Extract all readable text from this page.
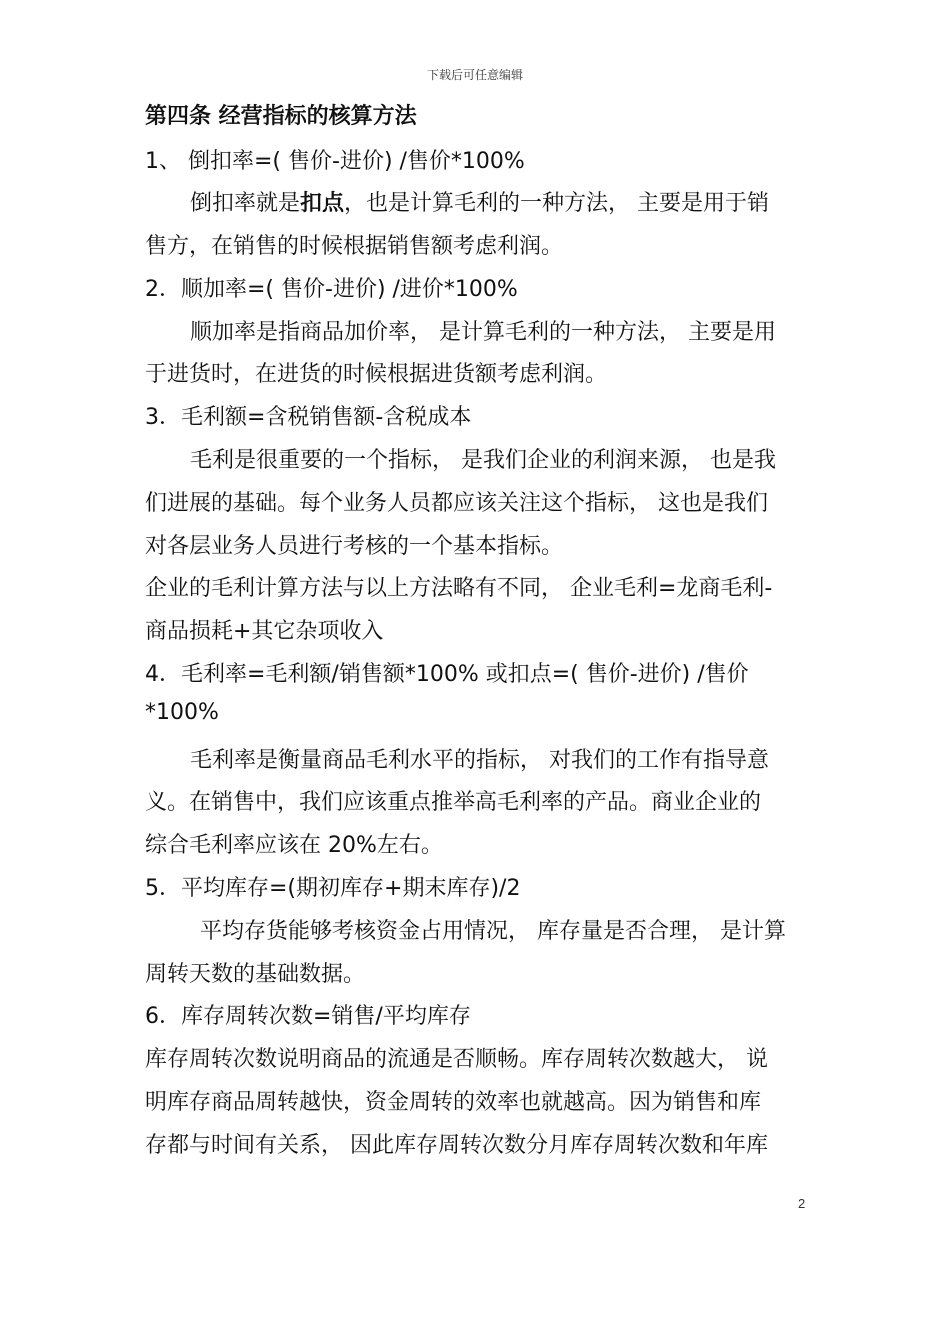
下载后可任意编辑
第四条 经营指标的核算方法
1、 倒扣率=( 售价-进价) /售价*100%
倒扣率就是扣点，也是计算毛利的一种方法， 主要是用于销
售方，在销售的时候根据销售额考虑利润。
2．顺加率=( 售价-进价) /进价*100%
顺加率是指商品加价率， 是计算毛利的一种方法， 主要是用
于进货时，在进货的时候根据进货额考虑利润。
3．毛利额=含税销售额-含税成本
毛利是很重要的一个指标， 是我们企业的利润来源， 也是我
们进展的基础。每个业务人员都应该关注这个指标， 这也是我们
对各层业务人员进行考核的一个基本指标。
企业的毛利计算方法与以上方法略有不同， 企业毛利=龙商毛利-
商品损耗+其它杂项收入
4．毛利率=毛利额/销售额*100% 或扣点=( 售价-进价) /售价
*100%
毛利率是衡量商品毛利水平的指标， 对我们的工作有指导意
义。在销售中，我们应该重点推举高毛利率的产品。商业企业的
综合毛利率应该在 20%左右。
5．平均库存=(期初库存+期末库存)/2
平均存货能够考核资金占用情况， 库存量是否合理， 是计算
周转天数的基础数据。
6．库存周转次数=销售/平均库存
库存周转次数说明商品的流通是否顺畅。库存周转次数越大， 说
明库存商品周转越快，资金周转的效率也就越高。因为销售和库
存都与时间有关系， 因此库存周转次数分月库存周转次数和年库
2
